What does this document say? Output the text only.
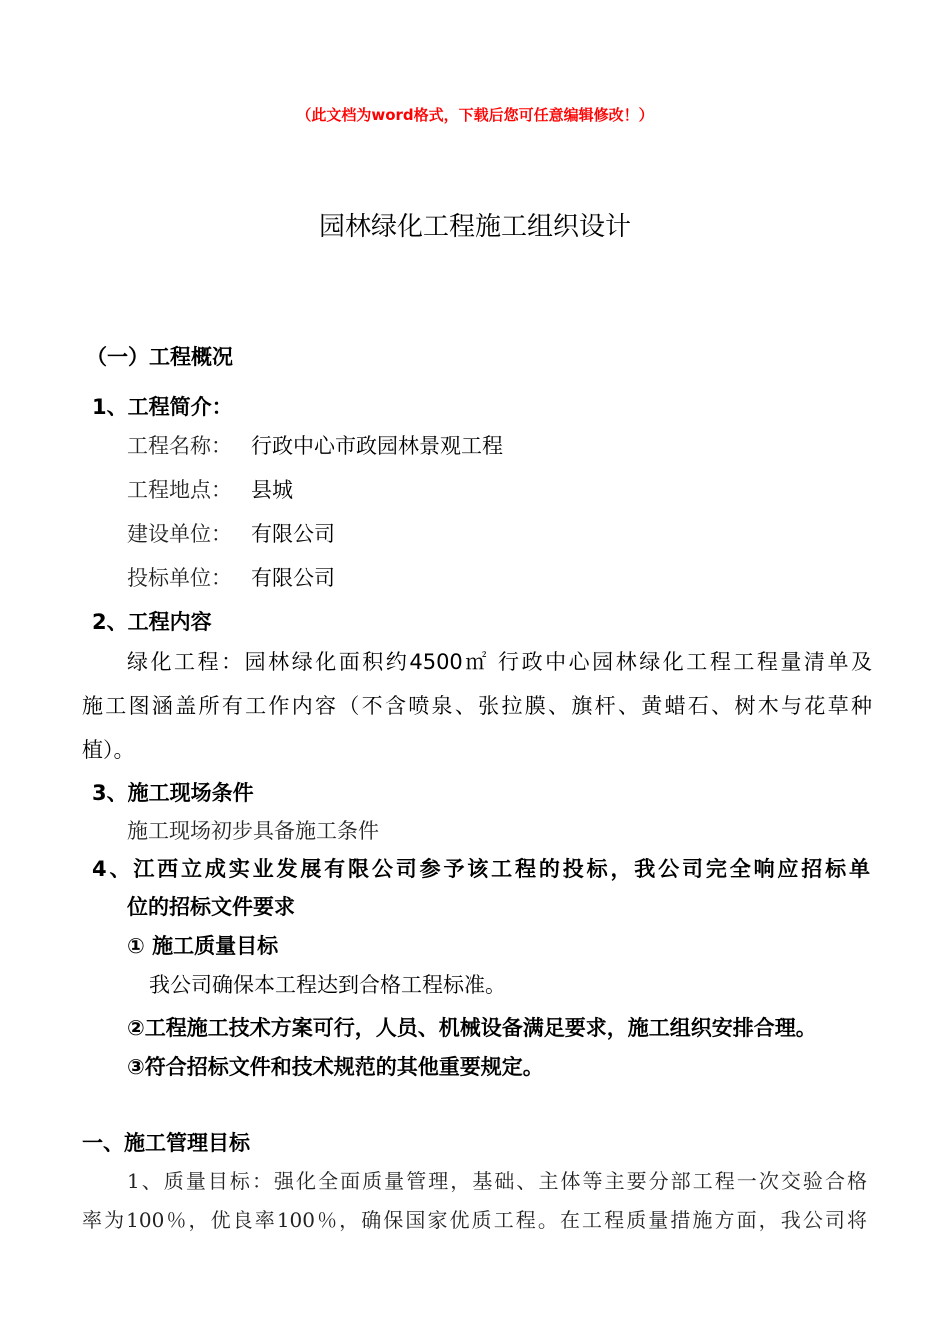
（此文档为word格式，下载后您可任意编辑修改！）
园林绿化工程施工组织设计
（一）工程概况
1、工程简介：
工程名称： 行政中心市政园林景观工程
工程地点： 县城
建设单位： 有限公司
投标单位： 有限公司
2、工程内容
绿化工程：园林绿化面积约4500㎡ 行政中心园林绿化工程工程量清单及
施工图涵盖所有工作内容（不含喷泉、张拉膜、旗杆、黄蜡石、树木与花草种
植）。
3、施工现场条件
施工现场初步具备施工条件
4、江西立成实业发展有限公司参予该工程的投标，我公司完全响应招标单
位的招标文件要求
① 施工质量目标
我公司确保本工程达到合格工程标准。
②工程施工技术方案可行，人员、机械设备满足要求，施工组织安排合理。
③符合招标文件和技术规范的其他重要规定。
一、施工管理目标
1、质量目标：强化全面质量管理，基础、主体等主要分部工程一次交验合格
率为100％，优良率100％，确保国家优质工程。在工程质量措施方面，我公司将
